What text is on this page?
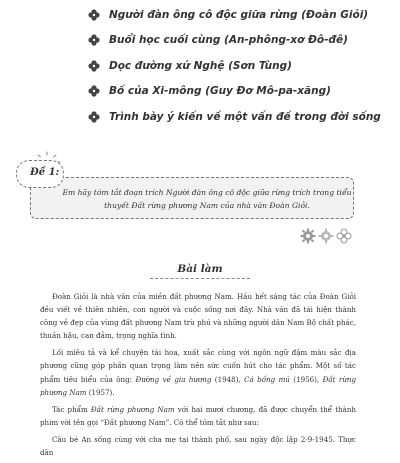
Người đàn ông cô độc giữa rừng (Đoàn Giỏi)
Buổi học cuối cùng (An-phông-xơ Đô-đê)
Dọc đường xứ Nghệ (Sơn Tùng)
Bố của Xi-mông (Guy Đơ Mô-pa-xăng)
Trình bày ý kiến về một vấn đề trong đời sống
Đề 1:
Em hãy tóm tắt đoạn trích Người đàn ông cô độc giữa rừng trích trong tiểu thuyết Đất rừng phương Nam của nhà văn Đoàn Giỏi.
Bài làm

Đoàn Giỏi là nhà văn của miền đất phương Nam. Hầu hết sáng tác của Đoàn Giỏi đều viết về thiên nhiên, con người và cuộc sống nơi đây. Nhà văn đã tái hiện thành công vẻ đẹp của vùng đất phương Nam trù phú và những người dân Nam Bộ chất phác, thuần hậu, can đảm, trọng nghĩa tình.

Lối miêu tả và kể chuyện tài hoa, xuất sắc cùng với ngôn ngữ đậm màu sắc địa phương cũng góp phần quan trọng làm nên sức cuốn hút cho tác phẩm. Một số tác phẩm tiêu biểu của ông: Đường về gia hương (1948), Cá bống mú (1956), Đất rừng phương Nam (1957).

Tác phẩm Đất rừng phương Nam với hai mươi chương, đã được chuyển thể thành phim với tên gọi “Đất phương Nam”. Có thể tóm tắt như sau:

Câu bé An sống cùng với cha mẹ tại thành phố, sau ngày độc lập 2-9-1945. Thực dân
